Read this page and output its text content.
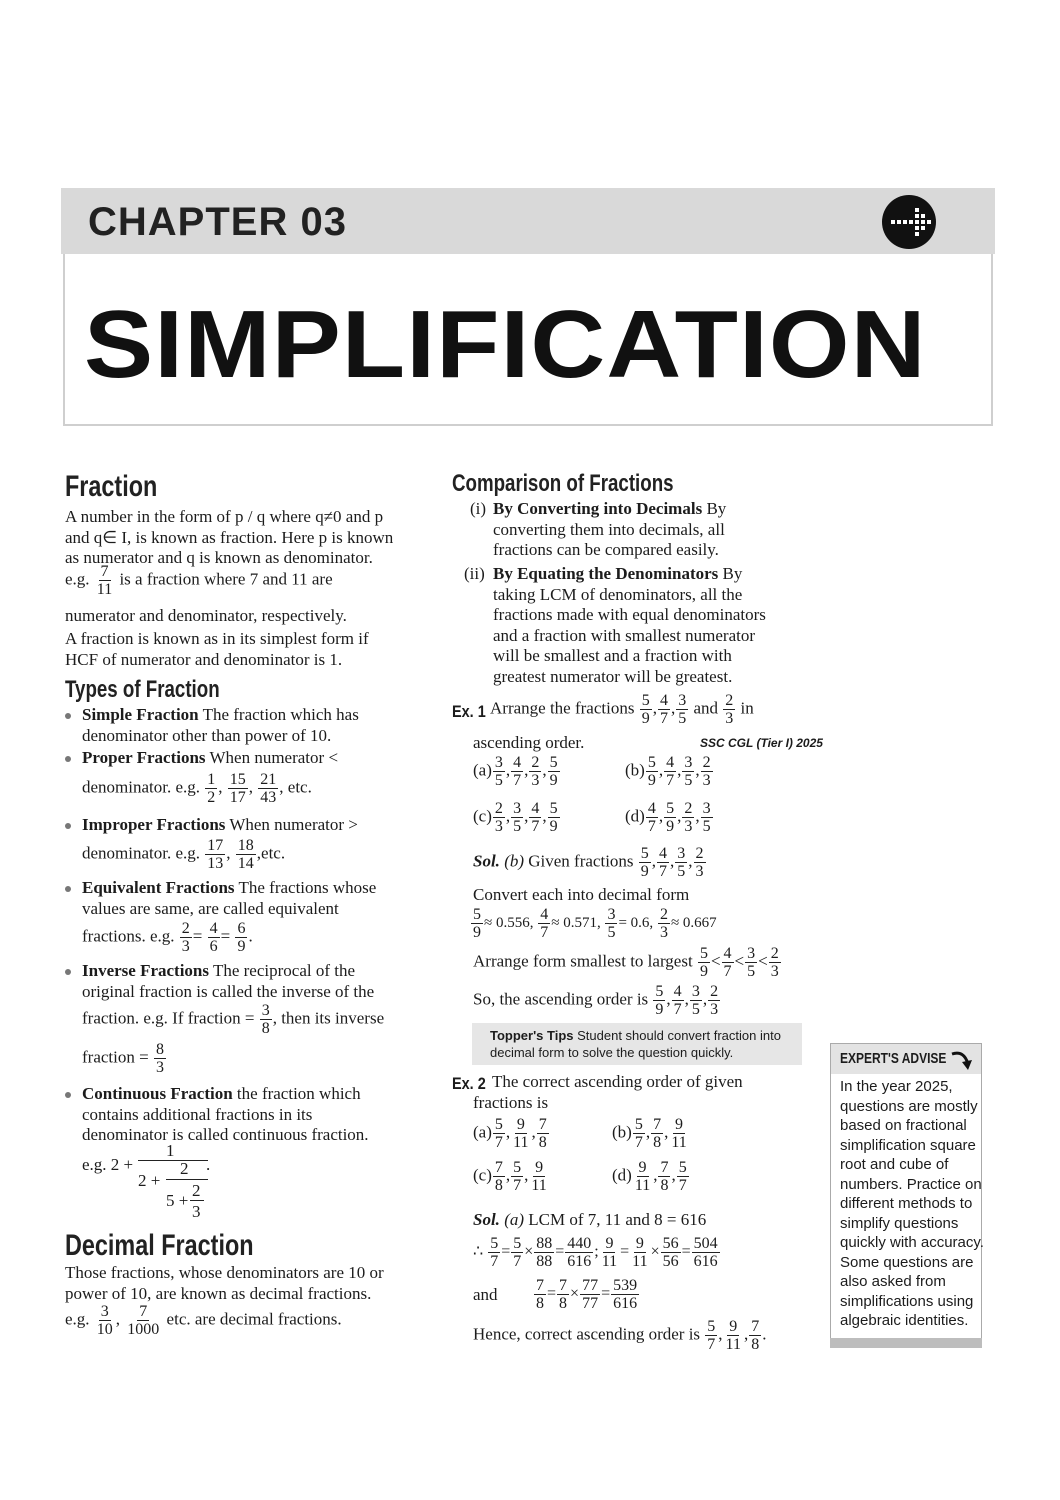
CHAPTER 03
SIMPLIFICATION
Fraction
A number in the form of p / q where q≠0 and p
and q∈ I, is known as fraction. Here p is known
as numerator and q is known as denominator.
e.g. $\frac{7}{11}$ is a fraction where 7 and 11 are
numerator and denominator, respectively.
A fraction is known as in its simplest form if
HCF of numerator and denominator is 1.
Types of Fraction
Simple Fraction The fraction which has
denominator other than power of 10.
Proper Fractions When numerator <
denominator. e.g. $\frac{1}{2}$ , $\frac{15}{17}$ , $\frac{21}{43}$ , etc.
Improper Fractions When numerator >
denominator. e.g. $\frac{17}{13}$ , $\frac{18}{14} ,etc$.
Equivalent Fractions The fractions whose
values are same, are called equivalent
fractions. e.g. $\frac{2}{3} = \frac{4}{6} = \frac{6}{9}$ .
Inverse Fractions The reciprocal of the
original fraction is called the inverse of the
fraction. e.g. If fraction = $\frac{3}{8}$ , then its inverse
fraction = $\frac{8}{3}$
Continuous Fraction the fraction which
contains additional fractions in its
denominator is called continuous fraction.
e.g. 2 +
1
.
2 +
2
5 +
2
3
Decimal Fraction
Those fractions, whose denominators are 10 or
power of 10, are known as decimal fractions.
e.g. $\frac{3}{10}$ , $\frac{7}{1000}$ etc. are decimal fractions.
Comparison of Fractions
(i) By Converting into Decimals By
converting them into decimals, all
fractions can be compared easily.
(ii) By Equating the Denominators By
taking LCM of denominators, all the
fractions made with equal denominators
and a fraction with smallest numerator
will be smallest and a fraction with
greatest numerator will be greatest.
Ex. 1 Arrange the fractions $\frac{5}{9}$ , $\frac{4}{7}$ , $\frac{3}{5}$ and $\frac{2}{3}$ in
ascending order.	SSC CGL (Tier I) 2025
$(a) \frac{3}{5}$ , $\frac{4}{7}$ , $\frac{2}{3}$ , $\frac{5}{9}$	$(b) \frac{5}{9}$ , $\frac{4}{7}$ , $\frac{3}{5}$ , $\frac{2}{3}$
$(c) \frac{2}{3}$ , $\frac{3}{5}$ , $\frac{4}{7}$ , $\frac{5}{9}$	$(d) \frac{4}{7}$ , $\frac{5}{9}$ , $\frac{2}{3}$ , $\frac{3}{5}$
Sol. (b) Given fractions $\frac{5}{9}$ , $\frac{4}{7}$ , $\frac{3}{5}$ , $\frac{2}{3}$
Convert each into decimal form
$\frac{5}{9} \approx 0.556$, $\frac{4}{7} \approx 0.571$, $\frac{3}{5} = 0.6$, $\frac{2}{3} \approx 0.667$
Arrange form smallest to largest $\frac{5}{9} < \frac{4}{7} < \frac{3}{5} < \frac{2}{3}$
So, the ascending order is $\frac{5}{9}$ , $\frac{4}{7}$ , $\frac{3}{5}$ , $\frac{2}{3}$
Topper's Tips Student should convert fraction into
decimal form to solve the question quickly.
Ex. 2 The correct ascending order of given
fractions is
$(a) \frac{5}{7}$ , $\frac{9}{11}$ , $\frac{7}{8}$	$(b) \frac{5}{7}$ , $\frac{7}{8}$ , $\frac{9}{11}$
$(c) \frac{7}{8}$ , $\frac{5}{7}$ , $\frac{9}{11}$	$(d) \frac{9}{11}$ , $\frac{7}{8}$ , $\frac{5}{7}$
Sol. (a) LCM of 7, 11 and 8 = 616
∴ $\frac{5}{7} = \frac{5}{7} \times \frac{88}{88} = \frac{440}{616}$ ; $\frac{9}{11} = \frac{9}{11} \times \frac{56}{56} = \frac{504}{616}$
and $\frac{7}{8} = \frac{7}{8} \times \frac{77}{77} = \frac{539}{616}$
Hence, correct ascending order is $\frac{5}{7}$ , $\frac{9}{11}$ , $\frac{7}{8}$ .
EXPERT'S ADVISE
In the year 2025,
questions are mostly
based on fractional
simplification square
root and cube of
numbers. Practice on
different methods to
simplify questions
quickly with accuracy.
Some questions are
also asked from
simplifications using
algebraic identities.
